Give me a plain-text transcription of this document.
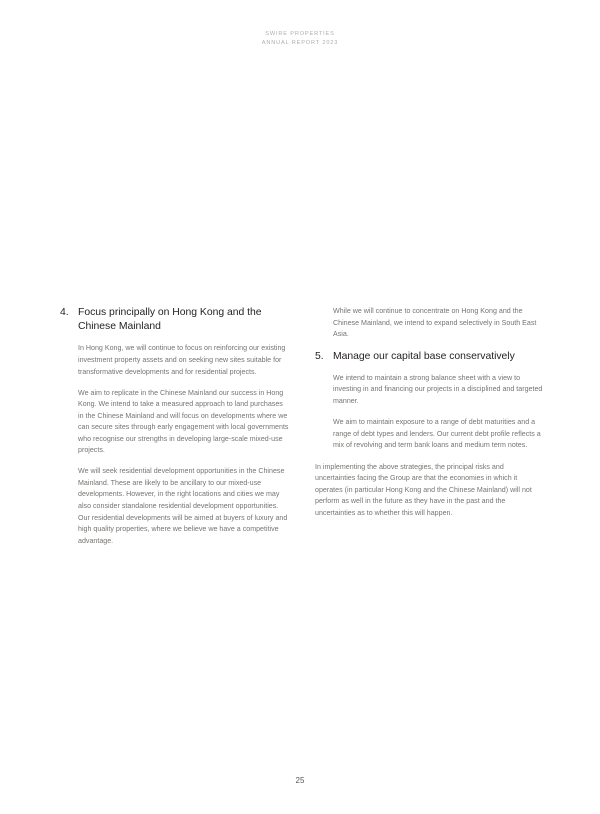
SWIRE PROPERTIES
ANNUAL REPORT 2023
4. Focus principally on Hong Kong and the Chinese Mainland

In Hong Kong, we will continue to focus on reinforcing our existing investment property assets and on seeking new sites suitable for transformative developments and for residential projects.

We aim to replicate in the Chinese Mainland our success in Hong Kong. We intend to take a measured approach to land purchases in the Chinese Mainland and will focus on developments where we can secure sites through early engagement with local governments who recognise our strengths in developing large-scale mixed-use projects.

We will seek residential development opportunities in the Chinese Mainland. These are likely to be ancillary to our mixed-use developments. However, in the right locations and cities we may also consider standalone residential development opportunities. Our residential developments will be aimed at buyers of luxury and high quality properties, where we believe we have a competitive advantage.

While we will continue to concentrate on Hong Kong and the Chinese Mainland, we intend to expand selectively in South East Asia.

5. Manage our capital base conservatively

We intend to maintain a strong balance sheet with a view to investing in and financing our projects in a disciplined and targeted manner.

We aim to maintain exposure to a range of debt maturities and a range of debt types and lenders. Our current debt profile reflects a mix of revolving and term bank loans and medium term notes.

In implementing the above strategies, the principal risks and uncertainties facing the Group are that the economies in which it operates (in particular Hong Kong and the Chinese Mainland) will not perform as well in the future as they have in the past and the uncertainties as to whether this will happen.

25
